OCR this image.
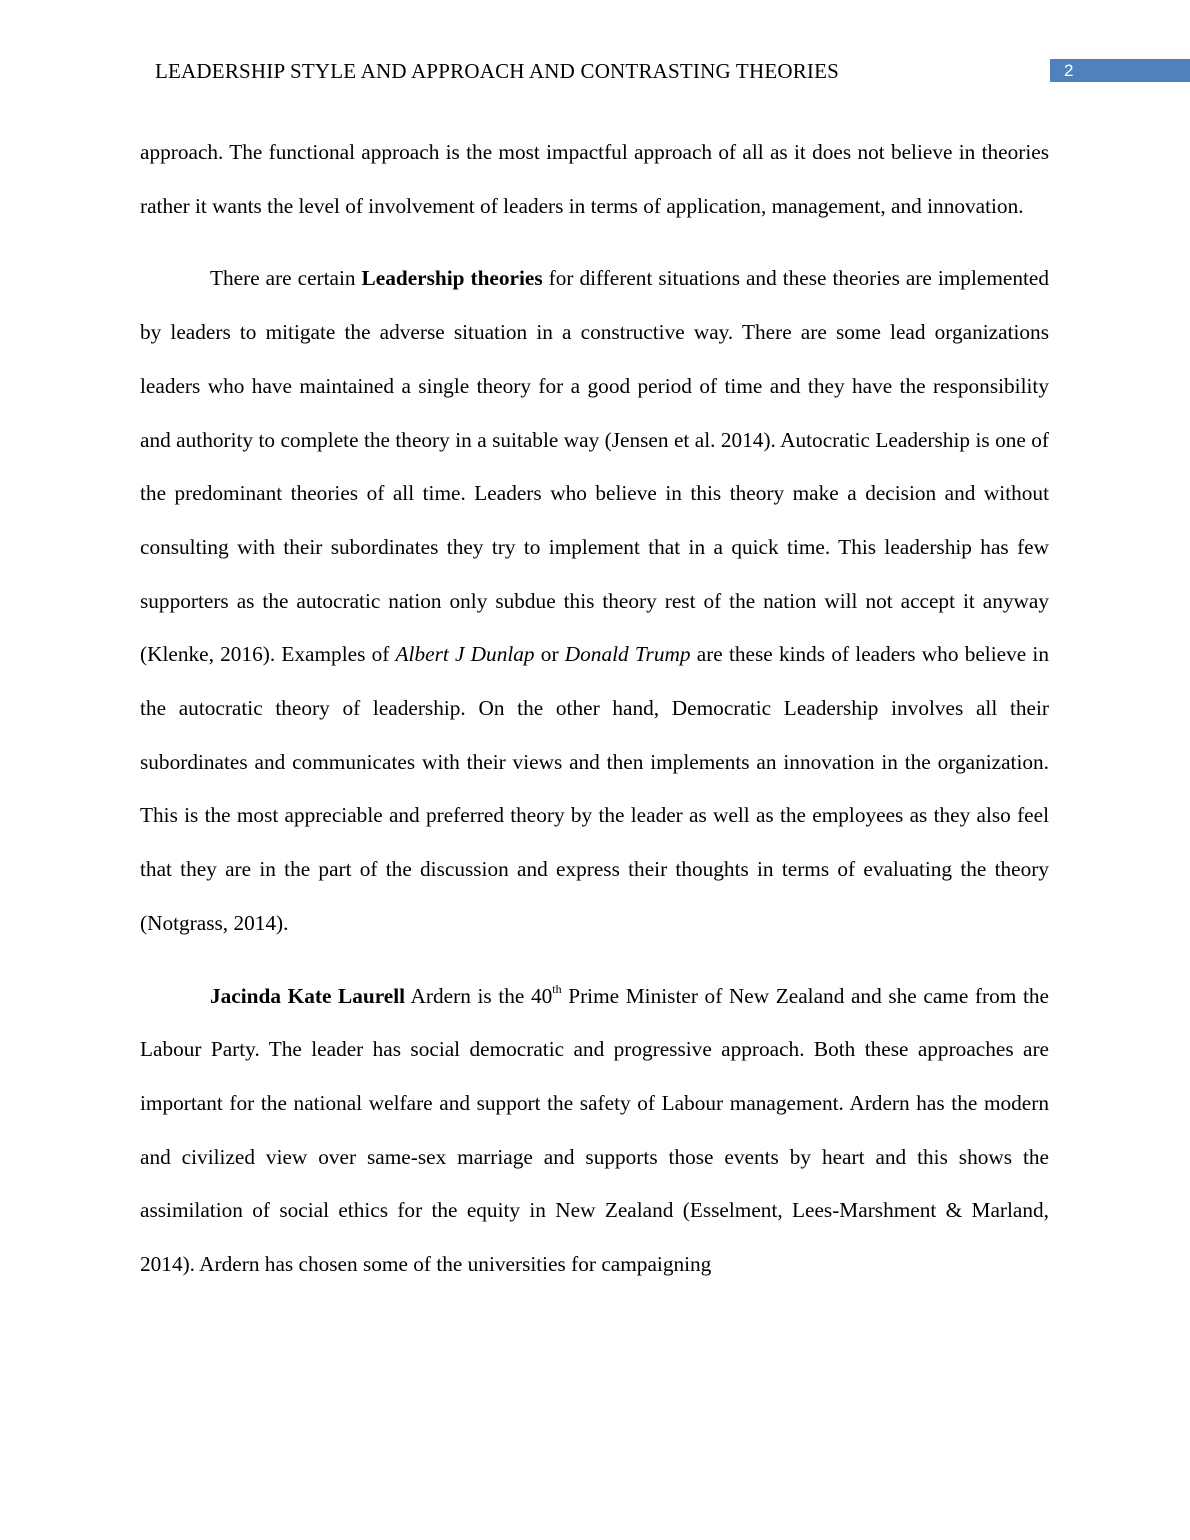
LEADERSHIP STYLE AND APPROACH AND CONTRASTING THEORIES	2

approach. The functional approach is the most impactful approach of all as it does not believe in theories rather it wants the level of involvement of leaders in terms of application, management, and innovation.

There are certain Leadership theories for different situations and these theories are implemented by leaders to mitigate the adverse situation in a constructive way. There are some lead organizations leaders who have maintained a single theory for a good period of time and they have the responsibility and authority to complete the theory in a suitable way (Jensen et al. 2014). Autocratic Leadership is one of the predominant theories of all time. Leaders who believe in this theory make a decision and without consulting with their subordinates they try to implement that in a quick time. This leadership has few supporters as the autocratic nation only subdue this theory rest of the nation will not accept it anyway (Klenke, 2016). Examples of Albert J Dunlap or Donald Trump are these kinds of leaders who believe in the autocratic theory of leadership. On the other hand, Democratic Leadership involves all their subordinates and communicates with their views and then implements an innovation in the organization. This is the most appreciable and preferred theory by the leader as well as the employees as they also feel that they are in the part of the discussion and express their thoughts in terms of evaluating the theory (Notgrass, 2014).

Jacinda Kate Laurell Ardern is the 40th Prime Minister of New Zealand and she came from the Labour Party. The leader has social democratic and progressive approach. Both these approaches are important for the national welfare and support the safety of Labour management. Ardern has the modern and civilized view over same-sex marriage and supports those events by heart and this shows the assimilation of social ethics for the equity in New Zealand (Esselment, Lees-Marshment & Marland, 2014). Ardern has chosen some of the universities for campaigning
